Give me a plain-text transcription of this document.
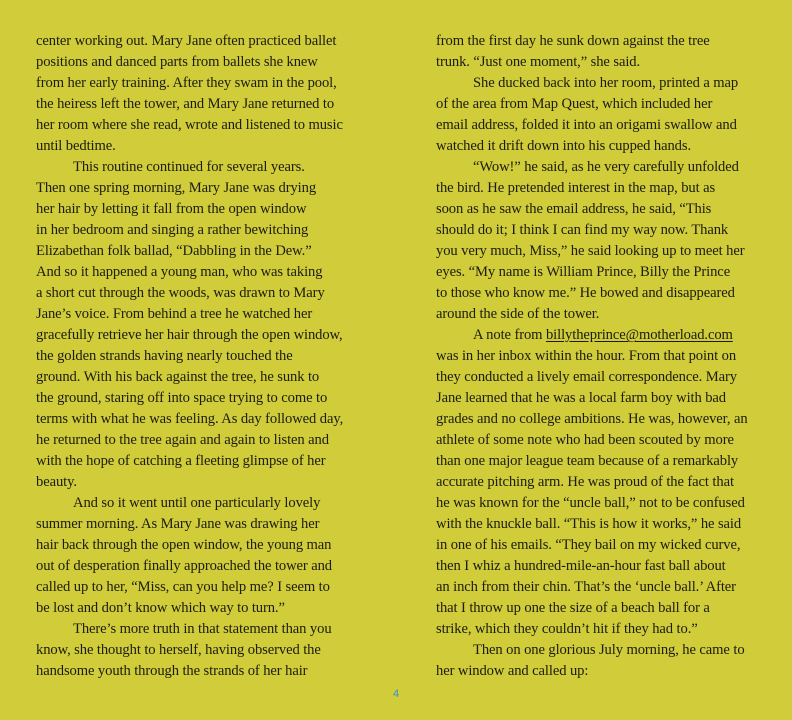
center working out. Mary Jane often practiced ballet
positions and danced parts from ballets she knew
from her early training. After they swam in the pool,
the heiress left the tower, and Mary Jane returned to
her room where she read, wrote and listened to music
until bedtime.
This routine continued for several years.
Then one spring morning, Mary Jane was drying
her hair by letting it fall from the open window
in her bedroom and singing a rather bewitching
Elizabethan folk ballad, “Dabbling in the Dew.”
And so it happened a young man, who was taking
a short cut through the woods, was drawn to Mary
Jane’s voice. From behind a tree he watched her
gracefully retrieve her hair through the open window,
the golden strands having nearly touched the
ground. With his back against the tree, he sunk to
the ground, staring off into space trying to come to
terms with what he was feeling. As day followed day,
he returned to the tree again and again to listen and
with the hope of catching a fleeting glimpse of her
beauty.
And so it went until one particularly lovely
summer morning. As Mary Jane was drawing her
hair back through the open window, the young man
out of desperation finally approached the tower and
called up to her, “Miss, can you help me? I seem to
be lost and don’t know which way to turn.”
There’s more truth in that statement than you
know, she thought to herself, having observed the
handsome youth through the strands of her hair
from the first day he sunk down against the tree
trunk. “Just one moment,” she said.
She ducked back into her room, printed a map
of the area from Map Quest, which included her
email address, folded it into an origami swallow and
watched it drift down into his cupped hands.
“Wow!” he said, as he very carefully unfolded
the bird. He pretended interest in the map, but as
soon as he saw the email address, he said, “This
should do it; I think I can find my way now. Thank
you very much, Miss,” he said looking up to meet her
eyes. “My name is William Prince, Billy the Prince
to those who know me.” He bowed and disappeared
around the side of the tower.
A note from billytheprince@motherload.com
was in her inbox within the hour. From that point on
they conducted a lively email correspondence. Mary
Jane learned that he was a local farm boy with bad
grades and no college ambitions. He was, however, an
athlete of some note who had been scouted by more
than one major league team because of a remarkably
accurate pitching arm. He was proud of the fact that
he was known for the “uncle ball,” not to be confused
with the knuckle ball. “This is how it works,” he said
in one of his emails. “They bail on my wicked curve,
then I whiz a hundred-mile-an-hour fast ball about
an inch from their chin. That’s the ‘uncle ball.’ After
that I throw up one the size of a beach ball for a
strike, which they couldn’t hit if they had to.”
Then on one glorious July morning, he came to
her window and called up:
4
